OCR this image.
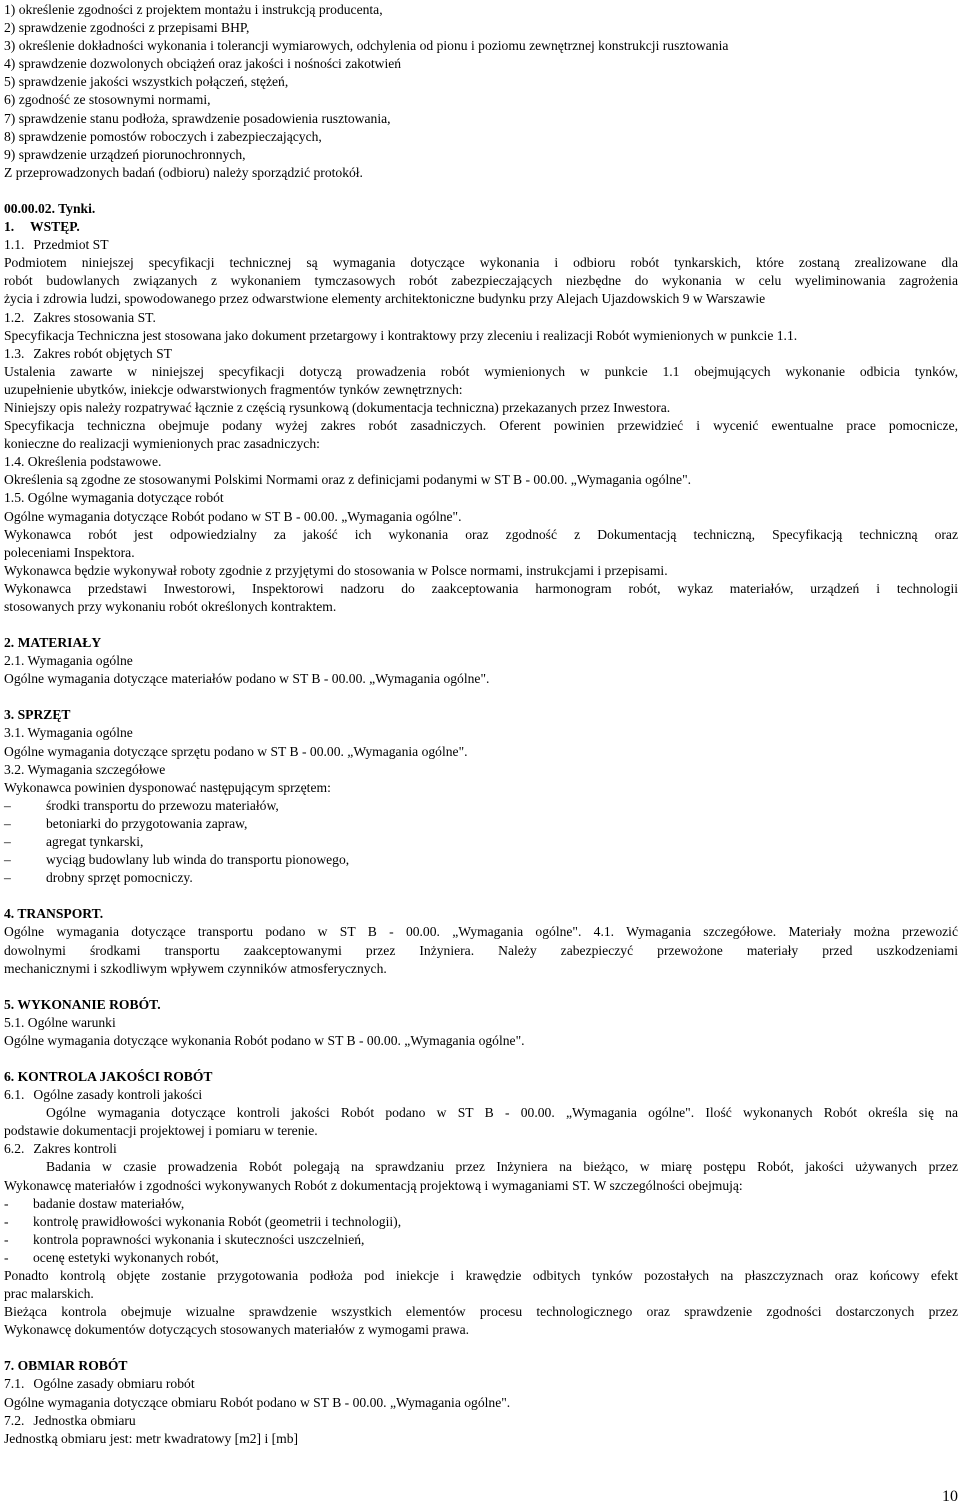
1) określenie zgodności z projektem montażu i instrukcją producenta,
2) sprawdzenie zgodności z przepisami BHP,
3) określenie dokładności wykonania i tolerancji wymiarowych, odchylenia od pionu i poziomu zewnętrznej konstrukcji rusztowania
4) sprawdzenie dozwolonych obciążeń oraz jakości i nośności zakotwień
5) sprawdzenie jakości wszystkich połączeń, stężeń,
6) zgodność ze stosownymi normami,
7) sprawdzenie stanu podłoża, sprawdzenie posadowienia rusztowania,
8) sprawdzenie pomostów roboczych i zabezpieczających,
9) sprawdzenie urządzeń piorunochronnych,
Z przeprowadzonych badań (odbioru) należy sporządzić protokół.
00.00.02. Tynki.
1. WSTĘP.
1.1. Przedmiot ST
Podmiotem niniejszej specyfikacji technicznej są wymagania dotyczące wykonania i odbioru robót tynkarskich, które zostaną zrealizowane dla
robót budowlanych związanych z wykonaniem tymczasowych robót zabezpieczających niezbędne do wykonania w celu wyeliminowania zagrożenia
życia i zdrowia ludzi, spowodowanego przez odwarstwione elementy architektoniczne budynku przy Alejach Ujazdowskich 9 w Warszawie
1.2. Zakres stosowania ST.
Specyfikacja Techniczna jest stosowana jako dokument przetargowy i kontraktowy przy zleceniu i realizacji Robót wymienionych w punkcie 1.1.
1.3. Zakres robót objętych ST
Ustalenia zawarte w niniejszej specyfikacji dotyczą prowadzenia robót wymienionych w punkcie 1.1 obejmujących wykonanie odbicia tynków,
uzupełnienie ubytków, iniekcje odwarstwionych fragmentów tynków zewnętrznych:
Niniejszy opis należy rozpatrywać łącznie z częścią rysunkową (dokumentacja techniczna) przekazanych przez Inwestora.
Specyfikacja techniczna obejmuje podany wyżej zakres robót zasadniczych. Oferent powinien przewidzieć i wycenić ewentualne prace pomocnicze,
konieczne do realizacji wymienionych prac zasadniczych:
1.4. Określenia podstawowe.
Określenia są zgodne ze stosowanymi Polskimi Normami oraz z definicjami podanymi w ST B - 00.00. „Wymagania ogólne".
1.5. Ogólne wymagania dotyczące robót
Ogólne wymagania dotyczące Robót podano w ST B - 00.00. „Wymagania ogólne".
Wykonawca robót jest odpowiedzialny za jakość ich wykonania oraz zgodność z Dokumentacją techniczną, Specyfikacją techniczną oraz
poleceniami Inspektora.
Wykonawca będzie wykonywał roboty zgodnie z przyjętymi do stosowania w Polsce normami, instrukcjami i przepisami.
Wykonawca przedstawi Inwestorowi, Inspektorowi nadzoru do zaakceptowania harmonogram robót, wykaz materiałów, urządzeń i technologii
stosowanych przy wykonaniu robót określonych kontraktem.
2. MATERIAŁY
2.1. Wymagania ogólne
Ogólne wymagania dotyczące materiałów podano w ST B - 00.00. „Wymagania ogólne".
3. SPRZĘT
3.1. Wymagania ogólne
Ogólne wymagania dotyczące sprzętu podano w ST B - 00.00. „Wymagania ogólne".
3.2. Wymagania szczegółowe
Wykonawca powinien dysponować następującym sprzętem:
–	środki transportu do przewozu materiałów,
–	betoniarki do przygotowania zapraw,
–	agregat tynkarski,
–	wyciąg budowlany lub winda do transportu pionowego,
–	drobny sprzęt pomocniczy.
4. TRANSPORT.
Ogólne wymagania dotyczące transportu podano w ST B - 00.00. „Wymagania ogólne". 4.1. Wymagania szczegółowe. Materiały można przewozić
dowolnymi środkami transportu zaakceptowanymi przez Inżyniera. Należy zabezpieczyć przewożone materiały przed uszkodzeniami
mechanicznymi i szkodliwym wpływem czynników atmosferycznych.
5. WYKONANIE ROBÓT.
5.1. Ogólne warunki
Ogólne wymagania dotyczące wykonania Robót podano w ST B - 00.00. „Wymagania ogólne".
6. KONTROLA JAKOŚCI ROBÓT
6.1. Ogólne zasady kontroli jakości
Ogólne wymagania dotyczące kontroli jakości Robót podano w ST B - 00.00. „Wymagania ogólne". Ilość wykonanych Robót określa się na
podstawie dokumentacji projektowej i pomiaru w terenie.
6.2. Zakres kontroli
Badania w czasie prowadzenia Robót polegają na sprawdzaniu przez Inżyniera na bieżąco, w miarę postępu Robót, jakości używanych przez
Wykonawcę materiałów i zgodności wykonywanych Robót z dokumentacją projektową i wymaganiami ST. W szczególności obejmują:
-	badanie dostaw materiałów,
-	kontrolę prawidłowości wykonania Robót (geometrii i technologii),
-	kontrola poprawności wykonania i skuteczności uszczelnień,
-	ocenę estetyki wykonanych robót,
Ponadto kontrolą objęte zostanie przygotowania podłoża pod iniekcje i krawędzie odbitych tynków pozostałych na płaszczyznach oraz końcowy efekt
prac malarskich.
Bieżąca kontrola obejmuje wizualne sprawdzenie wszystkich elementów procesu technologicznego oraz sprawdzenie zgodności dostarczonych przez
Wykonawcę dokumentów dotyczących stosowanych materiałów z wymogami prawa.
7. OBMIAR ROBÓT
7.1. Ogólne zasady obmiaru robót
Ogólne wymagania dotyczące obmiaru Robót podano w ST B - 00.00. „Wymagania ogólne".
7.2. Jednostka obmiaru
Jednostką obmiaru jest: metr kwadratowy [m2] i [mb]
10
